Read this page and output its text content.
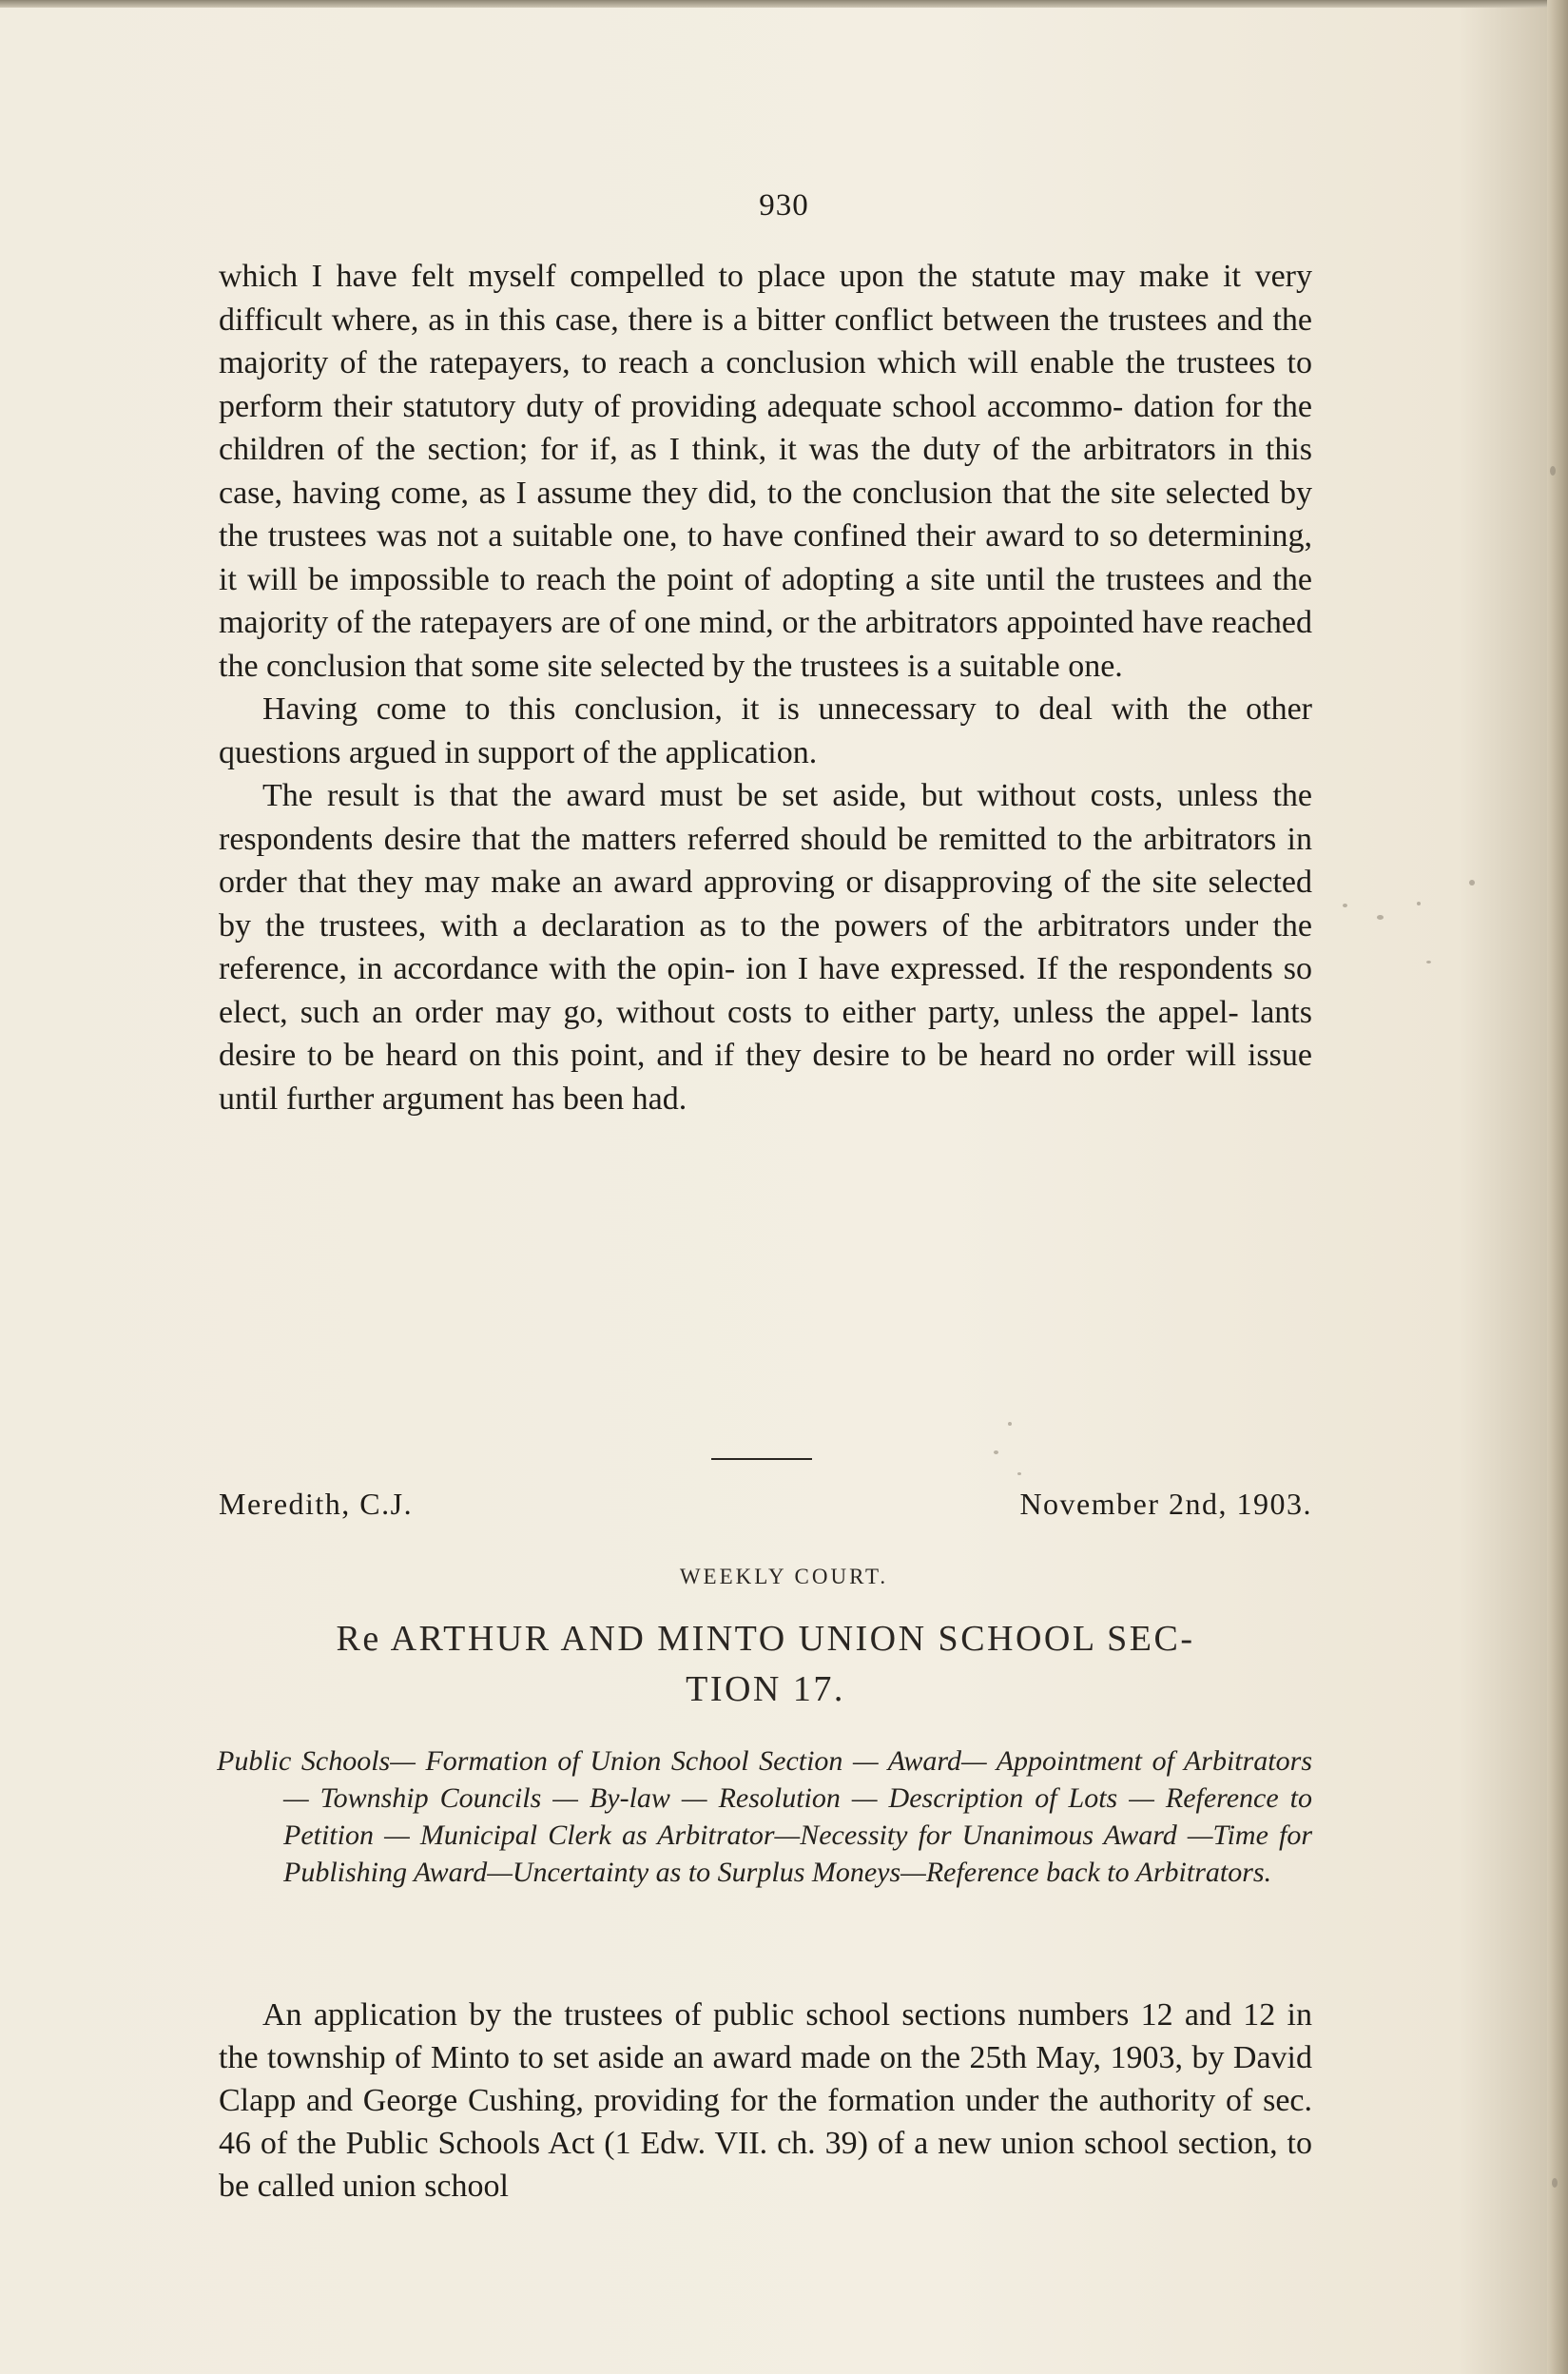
930

which I have felt myself compelled to place upon the statute may make it very difficult where, as in this case, there is a bitter conflict between the trustees and the majority of the ratepayers, to reach a conclusion which will enable the trustees to perform their statutory duty of providing adequate school accommo- dation for the children of the section; for if, as I think, it was the duty of the arbitrators in this case, having come, as I assume they did, to the conclusion that the site selected by the trustees was not a suitable one, to have confined their award to so determining, it will be impossible to reach the point of adopting a site until the trustees and the majority of the ratepayers are of one mind, or the arbitrators appointed have reached the conclusion that some site selected by the trustees is a suitable one.

Having come to this conclusion, it is unnecessary to deal with the other questions argued in support of the application.

The result is that the award must be set aside, but without costs, unless the respondents desire that the matters referred should be remitted to the arbitrators in order that they may make an award approving or disapproving of the site selected by the trustees, with a declaration as to the powers of the arbitrators under the reference, in accordance with the opin- ion I have expressed. If the respondents so elect, such an order may go, without costs to either party, unless the appel- lants desire to be heard on this point, and if they desire to be heard no order will issue until further argument has been had.

Meredith, C.J.	November 2nd, 1903.
WEEKLY COURT.
Re ARTHUR AND MINTO UNION SCHOOL SEC-
TION 17.
Public Schools— Formation of Union School Section — Award— Appointment of Arbitrators — Township Councils — By-law — Resolution — Description of Lots — Reference to Petition — Municipal Clerk as Arbitrator—Necessity for Unanimous Award —Time for Publishing Award—Uncertainty as to Surplus Moneys—Reference back to Arbitrators.

An application by the trustees of public school sections numbers 12 and 12 in the township of Minto to set aside an award made on the 25th May, 1903, by David Clapp and George Cushing, providing for the formation under the authority of sec. 46 of the Public Schools Act (1 Edw. VII. ch. 39) of a new union school section, to be called union school
